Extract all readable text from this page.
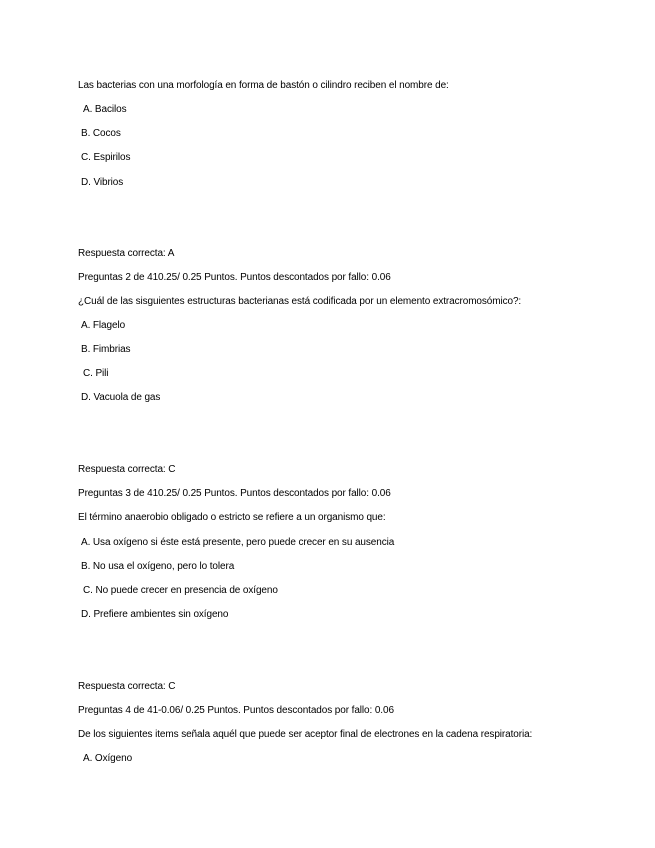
Las bacterias con una morfología en forma de bastón o cilindro reciben el nombre de:
A. Bacilos
B. Cocos
C. Espirilos
D. Vibrios
Respuesta correcta: A
Preguntas 2 de 410.25/ 0.25 Puntos. Puntos descontados por fallo: 0.06
¿Cuál de las sisguientes estructuras bacterianas está codificada por un elemento extracromosómico?:
A. Flagelo
B. Fimbrias
C. Pili
D. Vacuola de gas
Respuesta correcta: C
Preguntas 3 de 410.25/ 0.25 Puntos. Puntos descontados por fallo: 0.06
El término anaerobio obligado o estricto se refiere a un organismo que:
A. Usa oxígeno si éste está presente, pero puede crecer en su ausencia
B. No usa el oxígeno, pero lo tolera
C. No puede crecer en presencia de oxígeno
D. Prefiere ambientes sin oxígeno
Respuesta correcta: C
Preguntas 4 de 41-0.06/ 0.25 Puntos. Puntos descontados por fallo: 0.06
De los siguientes items señala aquél que puede ser aceptor final de electrones en la cadena respiratoria:
A. Oxígeno
